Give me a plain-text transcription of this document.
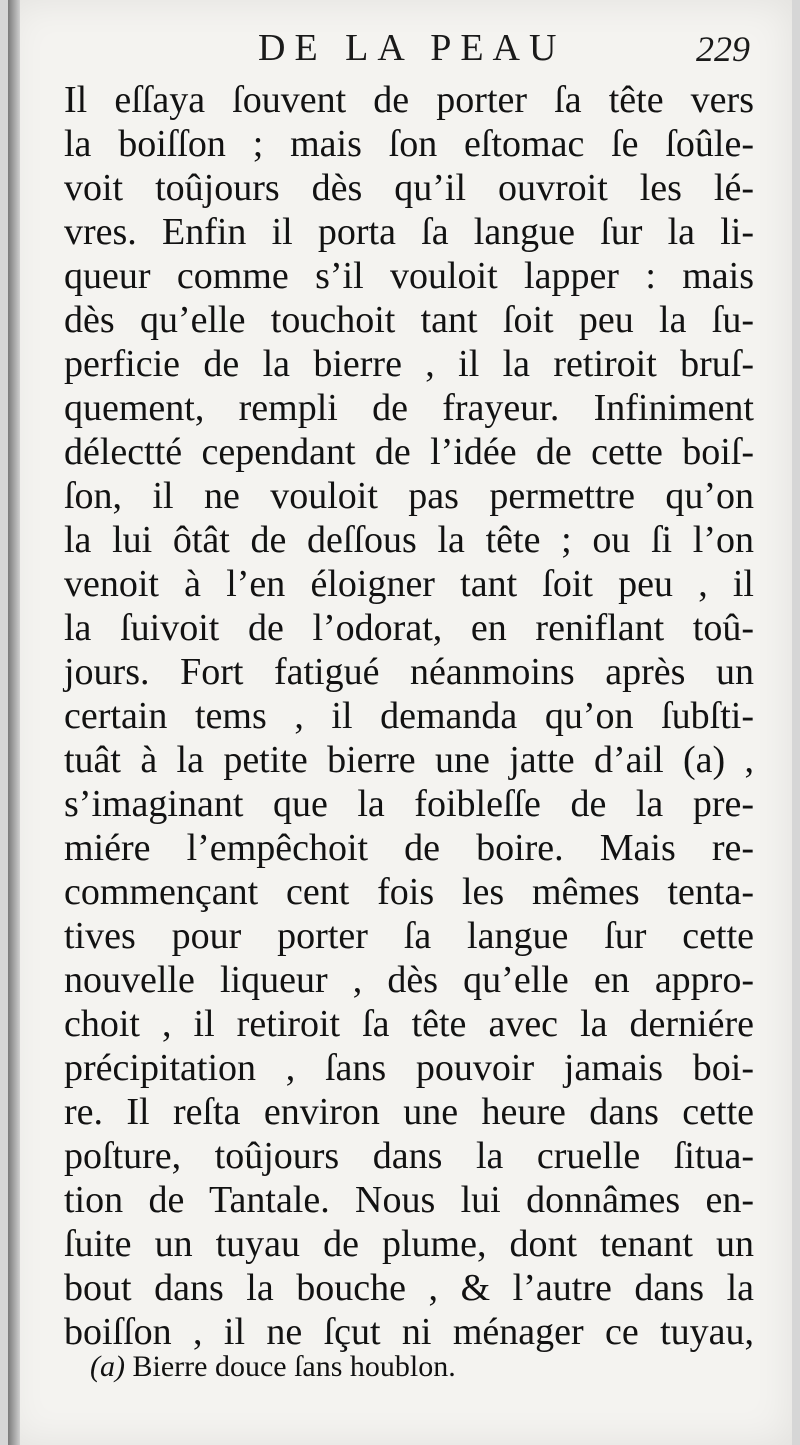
DE LA PEAU	229
Il eſſaya ſouvent de porter ſa tête vers
la boiſſon ; mais ſon eſtomac ſe ſoûle-
voit toûjours dès qu’il ouvroit les lé-
vres. Enfin il porta ſa langue ſur la li-
queur comme s’il vouloit lapper : mais
dès qu’elle touchoit tant ſoit peu la ſu-
perficie de la bierre , il la retiroit bruſ-
quement, rempli de frayeur. Infiniment
délectté cependant de l’idée de cette boiſ-
ſon, il ne vouloit pas permettre qu’on
la lui ôtât de deſſous la tête ; ou ſi l’on
venoit à l’en éloigner tant ſoit peu , il
la ſuivoit de l’odorat, en reniflant toû-
jours. Fort fatigué néanmoins après un
certain tems , il demanda qu’on ſubſti-
tuât à la petite bierre une jatte d’ail (a) ,
s’imaginant que la foibleſſe de la pre-
miére l’empêchoit de boire. Mais re-
commençant cent fois les mêmes tenta-
tives pour porter ſa langue ſur cette
nouvelle liqueur , dès qu’elle en appro-
choit , il retiroit ſa tête avec la derniére
précipitation , ſans pouvoir jamais boi-
re. Il reſta environ une heure dans cette
poſture, toûjours dans la cruelle ſitua-
tion de Tantale. Nous lui donnâmes en-
ſuite un tuyau de plume, dont tenant un
bout dans la bouche , & l’autre dans la
boiſſon , il ne ſçut ni ménager ce tuyau,
(a) Bierre douce ſans houblon.
